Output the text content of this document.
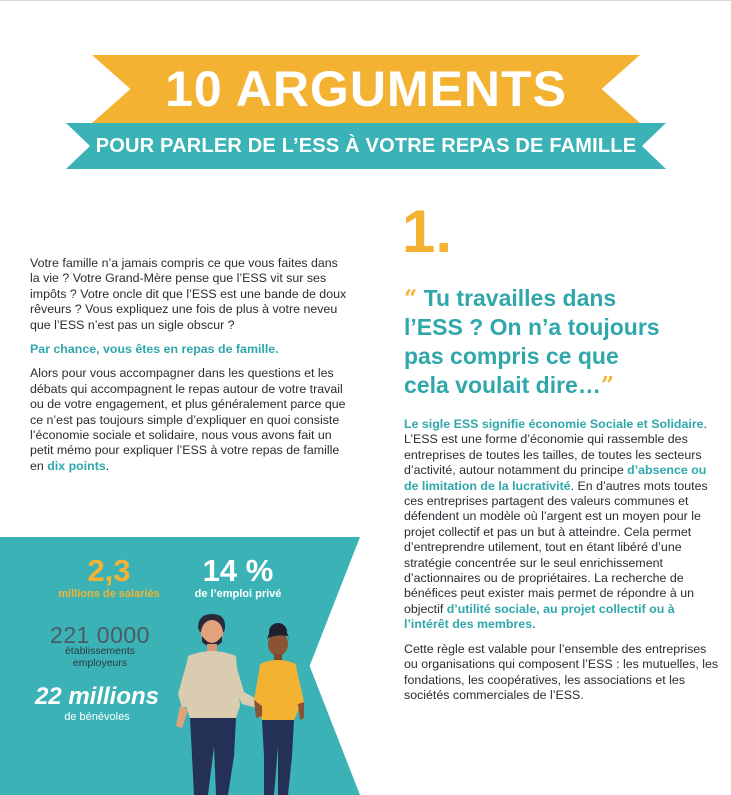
10 ARGUMENTS
POUR PARLER DE L’ESS À VOTRE REPAS DE FAMILLE

Votre famille n’a jamais compris ce que vous faites dans la vie ? Votre Grand-Mère pense que l’ESS vit sur ses impôts ? Votre oncle dit que l’ESS est une bande de doux rêveurs ? Vous expliquez une fois de plus à votre neveu que l’ESS n’est pas un sigle obscur ?

Par chance, vous êtes en repas de famille.

Alors pour vous accompagner dans les questions et les débats qui accompagnent le repas autour de votre travail ou de votre engagement, et plus généralement parce que ce n’est pas toujours simple d’expliquer en quoi consiste l’économie sociale et solidaire, nous vous avons fait un petit mémo pour expliquer l’ESS à votre repas de famille en dix points.

2,3
millions de salariés
14 %
de l’emploi privé
221 0000
établissements
employeurs
22 millions
de bénévoles
1.
“ Tu travailles dans
l’ESS ? On n’a toujours
pas compris ce que
cela voulait dire…”

Le sigle ESS signifie économie Sociale et Solidaire. L’ESS est une forme d’économie qui rassemble des entreprises de toutes les tailles, de toutes les secteurs d’activité, autour notamment du principe d’absence ou de limitation de la lucrativité. En d’autres mots toutes ces entreprises partagent des valeurs communes et défendent un modèle où l’argent est un moyen pour le projet collectif et pas un but à atteindre. Cela permet d’entreprendre utilement, tout en étant libéré d’une stratégie concentrée sur le seul enrichissement d’actionnaires ou de propriétaires. La recherche de bénéfices peut exister mais permet de répondre à un objectif d’utilité sociale, au projet collectif ou à l’intérêt des membres.

Cette règle est valable pour l’ensemble des entreprises ou organisations qui composent l’ESS : les mutuelles, les fondations, les coopératives, les associations et les sociétés commerciales de l’ESS.
